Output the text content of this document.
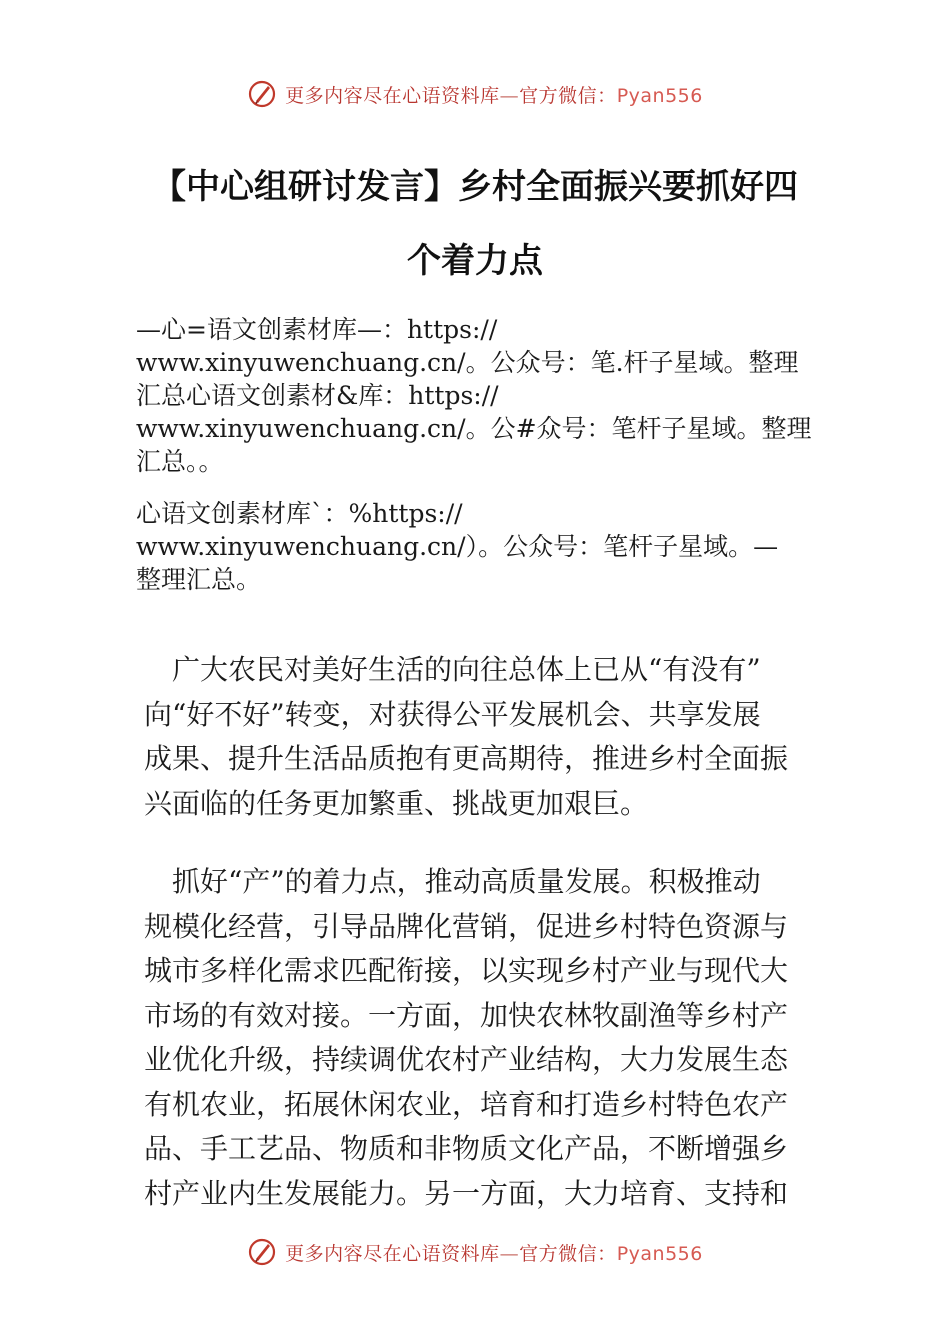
更多内容尽在心语资料库—官方微信：Pyan556
【中心组研讨发言】乡村全面振兴要抓好四
个着力点
—心=语文创素材库—：https://
www.xinyuwenchuang.cn/。公众号：笔.杆子星域。整理
汇总心语文创素材&库：https://
www.xinyuwenchuang.cn/。公#众号：笔杆子星域。整理
汇总。。
心语文创素材库`：%https://
www.xinyuwenchuang.cn/）。公众号：笔杆子星域。—
整理汇总。
　广大农民对美好生活的向往总体上已从“有没有”
向“好不好”转变，对获得公平发展机会、共享发展
成果、提升生活品质抱有更高期待，推进乡村全面振
兴面临的任务更加繁重、挑战更加艰巨。
　抓好“产”的着力点，推动高质量发展。积极推动
规模化经营，引导品牌化营销，促进乡村特色资源与
城市多样化需求匹配衔接，以实现乡村产业与现代大
市场的有效对接。一方面，加快农林牧副渔等乡村产
业优化升级，持续调优农村产业结构，大力发展生态
有机农业，拓展休闲农业，培育和打造乡村特色农产
品、手工艺品、物质和非物质文化产品，不断增强乡
村产业内生发展能力。另一方面，大力培育、支持和
更多内容尽在心语资料库—官方微信：Pyan556
